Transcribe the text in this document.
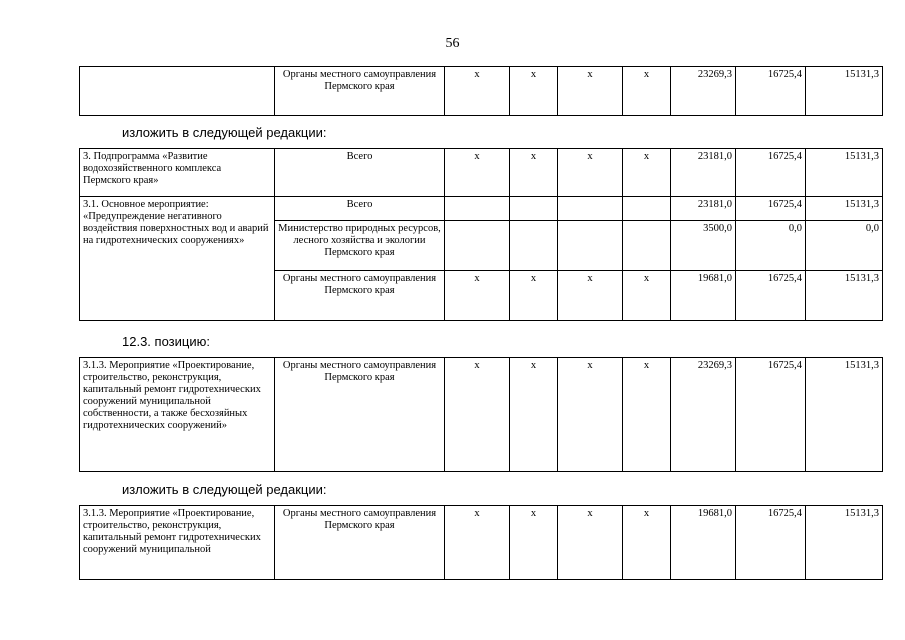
56
	Органы местного самоуправления Пермского края	х	х	х	х	23269,3	16725,4	15131,3
изложить в следующей редакции:
3. Подпрограмма «Развитие водохозяйственного комплекса Пермского края»	Всего	х	х	х	х	23181,0	16725,4	15131,3
3.1. Основное мероприятие: «Предупреждение негативного воздействия поверхностных вод и аварий на гидротехнических сооружениях»	Всего					23181,0	16725,4	15131,3
	Министерство природных ресурсов, лесного хозяйства и экологии Пермского края					3500,0	0,0	0,0
	Органы местного самоуправления Пермского края	х	х	х	х	19681,0	16725,4	15131,3
12.3. позицию:
3.1.3. Мероприятие «Проектирование, строительство, реконструкция, капитальный ремонт гидротехнических сооружений муниципальной собственности, а также бесхозяйных гидротехнических сооружений»	Органы местного самоуправления Пермского края	х	х	х	х	23269,3	16725,4	15131,3
изложить в следующей редакции:
3.1.3. Мероприятие «Проектирование, строительство, реконструкция, капитальный ремонт гидротехнических сооружений муниципальной	Органы местного самоуправления Пермского края	х	х	х	х	19681,0	16725,4	15131,3
